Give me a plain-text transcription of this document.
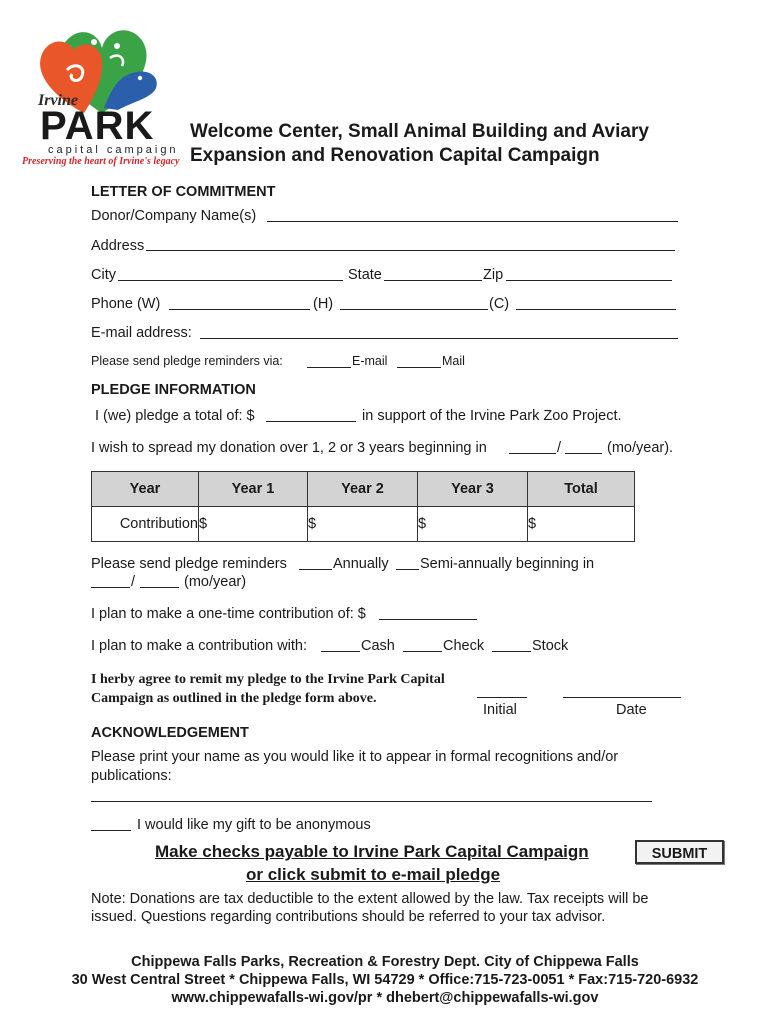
Irvine
PARK
capital campaign
Preserving the heart of Irvine's legacy
Welcome Center, Small Animal Building and Aviary
Expansion and Renovation Capital Campaign
LETTER OF COMMITMENT
Donor/Company Name(s)
Address
City	State	Zip
Phone (W)	(H)	(C)
E-mail address:
Please send pledge reminders via:	E-mail	Mail
PLEDGE INFORMATION
I (we) pledge a total of: $	in support of the Irvine Park Zoo Project.
I wish to spread my donation over 1, 2 or 3 years beginning in	/	(mo/year).
Year	Year 1	Year 2	Year 3	Total
Contribution	$	$	$	$
Please send pledge reminders	Annually Semi-annually beginning in
/	(mo/year)
I plan to make a one-time contribution of: $
I plan to make a contribution with:	Cash	Check	Stock
I herby agree to remit my pledge to the Irvine Park Capital
Campaign as outlined in the pledge form above.
Initial	Date
ACKNOWLEDGEMENT
Please print your name as you would like it to appear in formal recognitions and/or
publications:
I would like my gift to be anonymous
Make checks payable to Irvine Park Capital Campaign
or click submit to e-mail pledge
SUBMIT
Note: Donations are tax deductible to the extent allowed by the law. Tax receipts will be
issued. Questions regarding contributions should be referred to your tax advisor.
Chippewa Falls Parks, Recreation & Forestry Dept. City of Chippewa Falls
30 West Central Street * Chippewa Falls, WI 54729 * Office:715-723-0051 * Fax:715-720-6932
www.chippewafalls-wi.gov/pr * dhebert@chippewafalls-wi.gov
